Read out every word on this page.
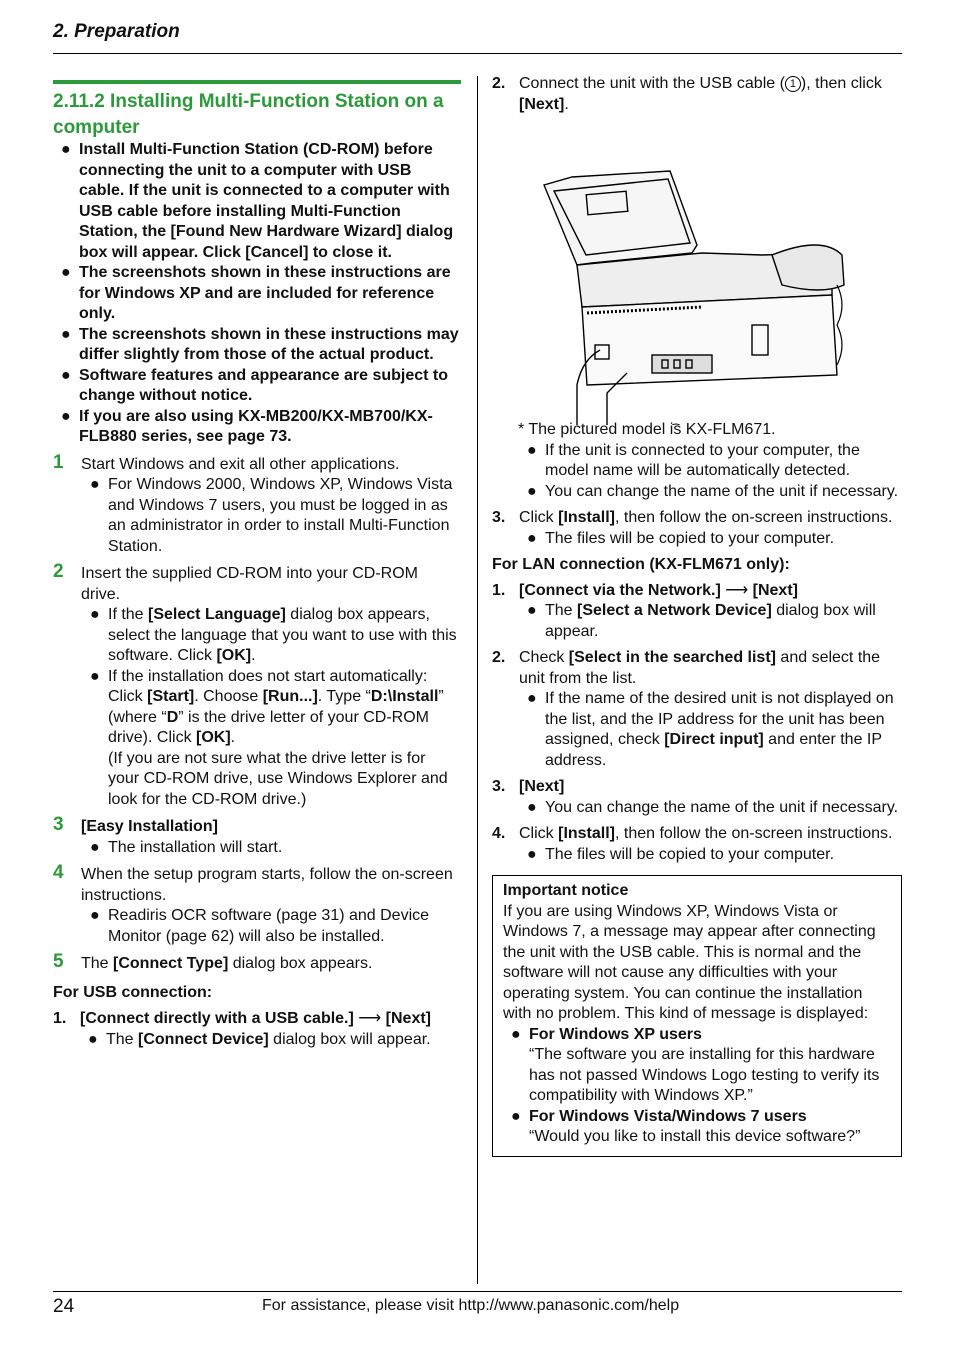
2. Preparation
2.11.2 Installing Multi-Function Station on a computer
● Install Multi-Function Station (CD-ROM) before connecting the unit to a computer with USB cable. If the unit is connected to a computer with USB cable before installing Multi-Function Station, the [Found New Hardware Wizard] dialog box will appear. Click [Cancel] to close it.
● The screenshots shown in these instructions are for Windows XP and are included for reference only.
● The screenshots shown in these instructions may differ slightly from those of the actual product.
● Software features and appearance are subject to change without notice.
● If you are also using KX-MB200/KX-MB700/KX-FLB880 series, see page 73.
1 Start Windows and exit all other applications.
● For Windows 2000, Windows XP, Windows Vista and Windows 7 users, you must be logged in as an administrator in order to install Multi-Function Station.
2 Insert the supplied CD-ROM into your CD-ROM drive.
● If the [Select Language] dialog box appears, select the language that you want to use with this software. Click [OK].
● If the installation does not start automatically: Click [Start]. Choose [Run...]. Type “D:\Install” (where “D” is the drive letter of your CD-ROM drive). Click [OK].
(If you are not sure what the drive letter is for your CD-ROM drive, use Windows Explorer and look for the CD-ROM drive.)
3 [Easy Installation]
● The installation will start.
4 When the setup program starts, follow the on-screen instructions.
● Readiris OCR software (page 31) and Device Monitor (page 62) will also be installed.
5 The [Connect Type] dialog box appears.
For USB connection:
1. [Connect directly with a USB cable.] ⟶ [Next]
● The [Connect Device] dialog box will appear.
2. Connect the unit with the USB cable ( 1 ), then click [Next].
* The pictured model is KX-FLM671.
● If the unit is connected to your computer, the model name will be automatically detected.
● You can change the name of the unit if necessary.
3. Click [Install], then follow the on-screen instructions.
● The files will be copied to your computer.
For LAN connection (KX-FLM671 only):
1. [Connect via the Network.] ⟶ [Next]
● The [Select a Network Device] dialog box will appear.
2. Check [Select in the searched list] and select the unit from the list.
● If the name of the desired unit is not displayed on the list, and the IP address for the unit has been assigned, check [Direct input] and enter the IP address.
3. [Next]
● You can change the name of the unit if necessary.
4. Click [Install], then follow the on-screen instructions.
● The files will be copied to your computer.
Important notice
If you are using Windows XP, Windows Vista or Windows 7, a message may appear after connecting the unit with the USB cable. This is normal and the software will not cause any difficulties with your operating system. You can continue the installation with no problem. This kind of message is displayed:
● For Windows XP users
“The software you are installing for this hardware has not passed Windows Logo testing to verify its compatibility with Windows XP.”
● For Windows Vista/Windows 7 users
“Would you like to install this device software?”
24	For assistance, please visit http://www.panasonic.com/help
